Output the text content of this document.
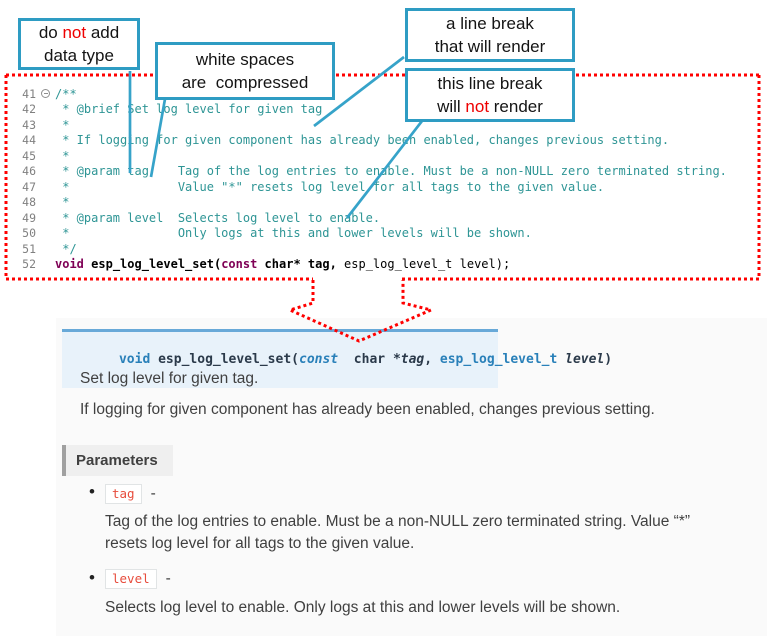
41 /**
42 * @brief Set log level for given tag
43 *
44 * If logging for given component has already been enabled, changes previous setting.
45 *
46 * @param tag    Tag of the log entries to enable. Must be a non-NULL zero terminated string.
47 *               Value "*" resets log level for all tags to the given value.
48 *
49 * @param level  Selects log level to enable.
50 *               Only logs at this and lower levels will be shown.
51 */
52 void esp_log_level_set(const char* tag, esp_log_level_t level);
do not add
data type	white spaces
are  compressed
a line break
that will render
this line break
will not render

void esp_log_level_set(const  char *tag, esp_log_level_t level)

Set log level for given tag.
If logging for given component has already been enabled, changes previous setting.
Parameters
•	tag -
Tag of the log entries to enable. Must be a non-NULL zero terminated string. Value “*”
resets log level for all tags to the given value.
•	level -
Selects log level to enable. Only logs at this and lower levels will be shown.
